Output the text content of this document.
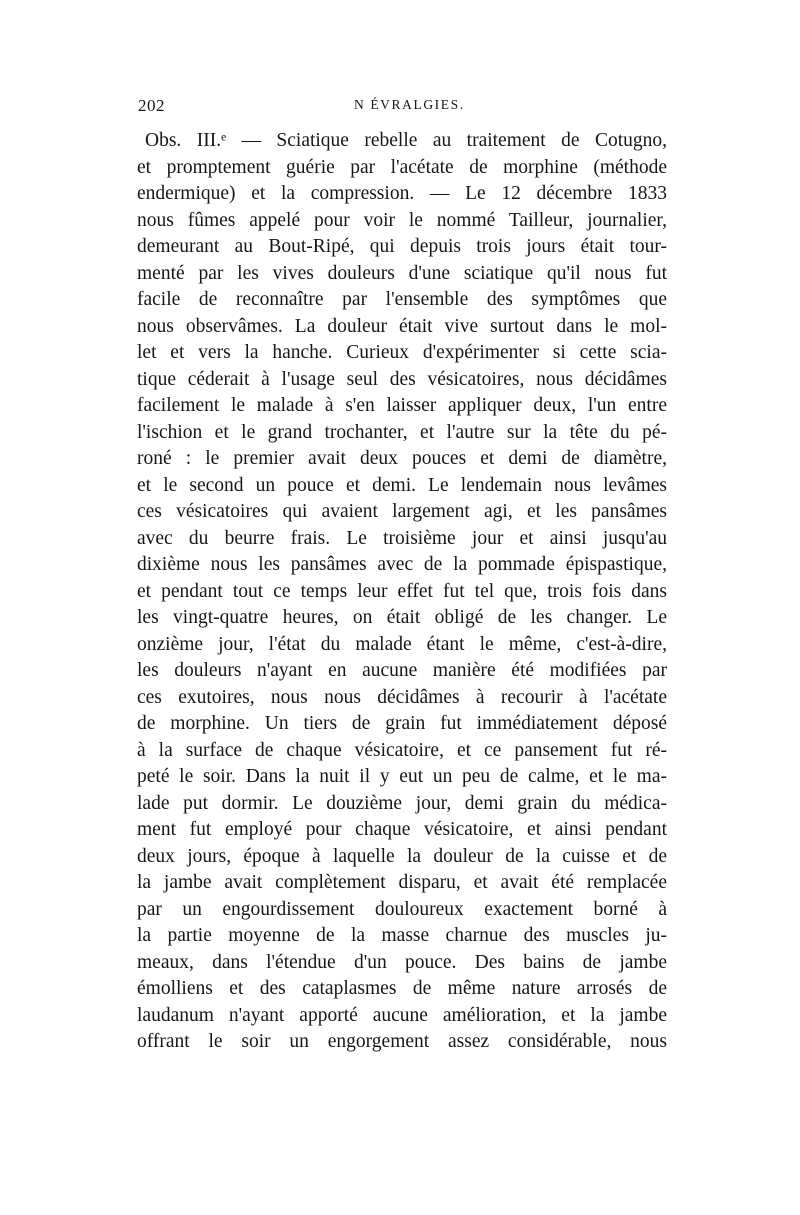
202	N ÉVRALGIES.
Obs. III.ᵉ — Sciatique rebelle au traitement de Cotugno,
et promptement guérie par l'acétate de morphine (méthode
endermique) et la compression. — Le 12 décembre 1833
nous fûmes appelé pour voir le nommé Tailleur, journalier,
demeurant au Bout-Ripé, qui depuis trois jours était tour-
menté par les vives douleurs d'une sciatique qu'il nous fut
facile de reconnaître par l'ensemble des symptômes que
nous observâmes. La douleur était vive surtout dans le mol-
let et vers la hanche. Curieux d'expérimenter si cette scia-
tique céderait à l'usage seul des vésicatoires, nous décidâmes
facilement le malade à s'en laisser appliquer deux, l'un entre
l'ischion et le grand trochanter, et l'autre sur la tête du pé-
roné : le premier avait deux pouces et demi de diamètre,
et le second un pouce et demi. Le lendemain nous levâmes
ces vésicatoires qui avaient largement agi, et les pansâmes
avec du beurre frais. Le troisième jour et ainsi jusqu'au
dixième nous les pansâmes avec de la pommade épispastique,
et pendant tout ce temps leur effet fut tel que, trois fois dans
les vingt-quatre heures, on était obligé de les changer. Le
onzième jour, l'état du malade étant le même, c'est-à-dire,
les douleurs n'ayant en aucune manière été modifiées par
ces exutoires, nous nous décidâmes à recourir à l'acétate
de morphine. Un tiers de grain fut immédiatement déposé
à la surface de chaque vésicatoire, et ce pansement fut ré-
peté le soir. Dans la nuit il y eut un peu de calme, et le ma-
lade put dormir. Le douzième jour, demi grain du médica-
ment fut employé pour chaque vésicatoire, et ainsi pendant
deux jours, époque à laquelle la douleur de la cuisse et de
la jambe avait complètement disparu, et avait été remplacée
par un engourdissement douloureux exactement borné à
la partie moyenne de la masse charnue des muscles ju-
meaux, dans l'étendue d'un pouce. Des bains de jambe
émolliens et des cataplasmes de même nature arrosés de
laudanum n'ayant apporté aucune amélioration, et la jambe
offrant le soir un engorgement assez considérable, nous
